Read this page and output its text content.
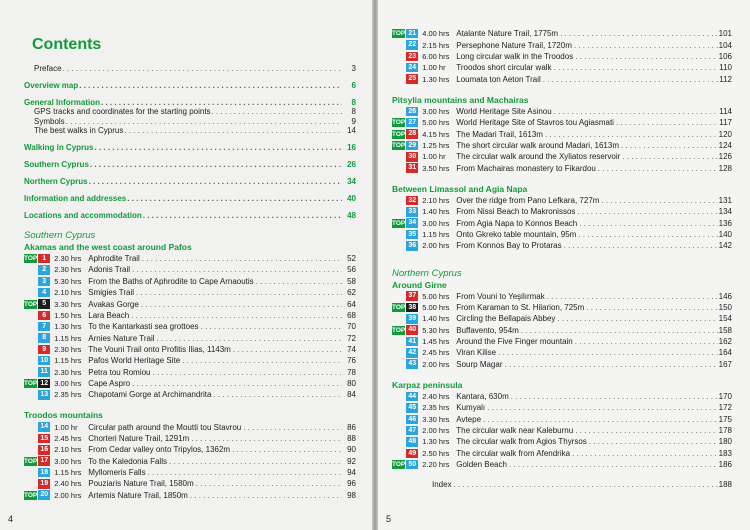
Contents
Preface . . .	3
Overview map . . .	6
General Information . . .	8
GPS tracks and coordinates for the starting points . . .	8
Symbols . . .	9
The best walks in Cyprus . . .	14
Walking in Cyprus . . .	16
Southern Cyprus . . .	26
Northern Cyprus . . .	34
Information and addresses . . .	40
Locations and accommodation . . .	48
Southern Cyprus
Akamas and the west coast around Pafos
TOP 1	2.30 hrs Aphrodite Trail . . .	52
2	2.30 hrs Adonis Trail . . .	56
3	5.30 hrs From the Baths of Aphrodite to Cape Arnaoutis . . .	58
4	2.10 hrs Smigies Trail . . .	62
TOP 5	3.30 hrs Avakas Gorge . . .	64
6	1.50 hrs Lara Beach . . .	68
7	1.30 hrs To the Kantarkasti sea grottoes . . .	70
8	1.15 hrs Arnies Nature Trail . . .	72
9	2.30 hrs The Vouni Trail onto Profitis Ilias, 1143m . . .	74
10 1.15 hrs Pafos World Heritage Site . . .	76
11 2.30 hrs Petra tou Romiou . . .	78
TOP 12 3.00 hrs Cape Aspro . . .	80
13 2.35 hrs Chapotami Gorge at Archimandrita . . .	84
Troodos mountains
14 1.00 hr	Circular path around the Moutti tou Stavrou . . .	86
15 2.45 hrs Chorteri Nature Trail, 1291m . . .	88
16 2.10 hrs From Cedar valley onto Tripylos, 1362m . . .	90
TOP 17 3.00 hrs To the Kaledonia Falls . . .	92
18 1.15 hrs Myllomeris Falls . . .	94
19 2.40 hrs Pouziaris Nature Trail, 1580m . . .	96
TOP 20 2.00 hrs Artemis Nature Trail, 1850m . . .	98
4
TOP 21 4.00 hrs Atalante Nature Trail, 1775m . . .	101
22 2.15 hrs Persephone Nature Trail, 1720m . . .	104
23 6.00 hrs Long circular walk in the Troodos . . .	106
24 1.00 hr	Troodos short circular walk . . .	110
25 1.30 hrs Loumata ton Aeton Trail . . .	112
Pitsylia mountains and Machairas
26 3.00 hrs World Heritage Site Asinou . . .	114
TOP 27 5.00 hrs World Heritage Site of Stavros tou Agiasmati . . .	117
TOP 28 4.15 hrs The Madari Trail, 1613m . . .	120
TOP 29 1.25 hrs The short circular walk around Madari, 1613m . . .	124
30 1.00 hr	The circular walk around the Xyliatos reservoir . . .	126
31 3.50 hrs From Machairas monastery to Fikardou . . .	128
Between Limassol and Agia Napa
32 2.10 hrs Over the ridge from Pano Lefkara, 727m . . .	131
33 1.40 hrs From Nissi Beach to Makronissos . . .	134
TOP 34 3.00 hrs From Agia Napa to Konnos Beach . . .	136
35 1.15 hrs Onto Gkreko table mountain, 95m . . .	140
36 2.00 hrs From Konnos Bay to Protaras . . .	142
Northern Cyprus
Around Girne
37 5.00 hrs From Vouni to Yeşilırmak . . .	146
TOP 38 5.00 hrs From Karaman to St. Hilarion, 725m . . .	150
39 1.40 hrs Circling the Bellapais Abbey . . .	154
TOP 40 5.30 hrs Buffavento, 954m . . .	158
41 1.45 hrs Around the Five Finger mountain . . .	162
42 2.45 hrs Viran Kilise . . .	164
43 2.00 hrs Sourp Magar . . .	167
Karpaz peninsula
44 2.40 hrs Kantara, 630m . . .	170
45 2.35 hrs Kumyalı . . .	172
46 3.30 hrs Avtepe . . .	175
47 2.00 hrs The circular walk near Kaleburnu . . .	178
48 1.30 hrs The circular walk from Agios Thyrsos . . .	180
49 2.50 hrs The circular walk from Afendrika . . .	183
TOP 50 2.20 hrs Golden Beach . . .	186
Index . . .	188
5
